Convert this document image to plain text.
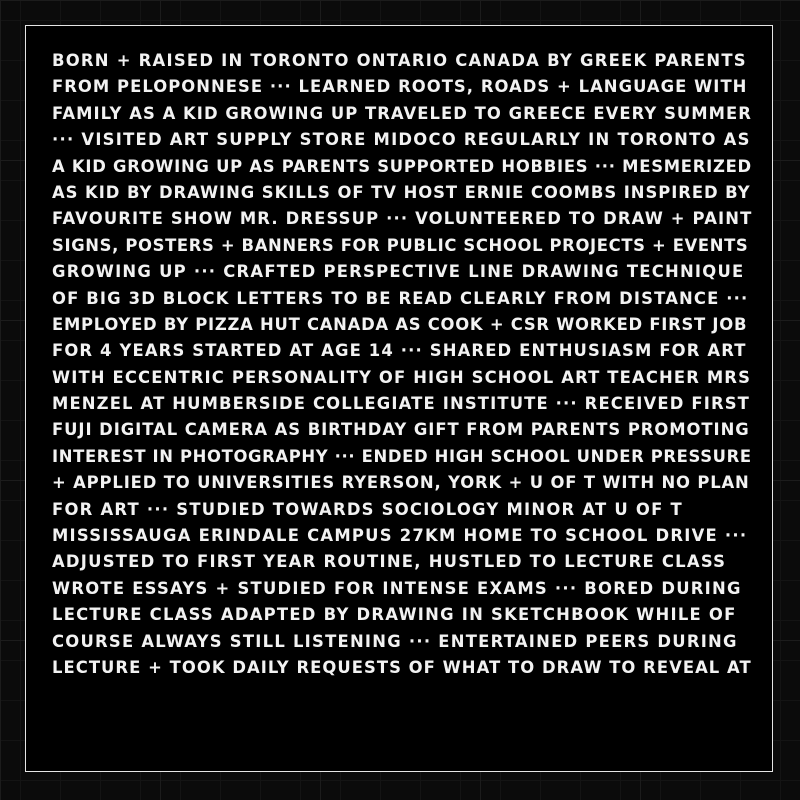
BORN + RAISED IN TORONTO ONTARIO CANADA BY GREEK PARENTS
FROM PELOPONNESE ··· LEARNED ROOTS, ROADS + LANGUAGE WITH
FAMILY AS A KID GROWING UP TRAVELED TO GREECE EVERY SUMMER
··· VISITED ART SUPPLY STORE MIDOCO REGULARLY IN TORONTO AS
A KID GROWING UP AS PARENTS SUPPORTED HOBBIES ··· MESMERIZED
AS KID BY DRAWING SKILLS OF TV HOST ERNIE COOMBS INSPIRED BY
FAVOURITE SHOW MR. DRESSUP ··· VOLUNTEERED TO DRAW + PAINT
SIGNS, POSTERS + BANNERS FOR PUBLIC SCHOOL PROJECTS + EVENTS
GROWING UP ··· CRAFTED PERSPECTIVE LINE DRAWING TECHNIQUE
OF BIG 3D BLOCK LETTERS TO BE READ CLEARLY FROM DISTANCE ···
EMPLOYED BY PIZZA HUT CANADA AS COOK + CSR WORKED FIRST JOB
FOR 4 YEARS STARTED AT AGE 14 ··· SHARED ENTHUSIASM FOR ART
WITH ECCENTRIC PERSONALITY OF HIGH SCHOOL ART TEACHER MRS
MENZEL AT HUMBERSIDE COLLEGIATE INSTITUTE ··· RECEIVED FIRST
FUJI DIGITAL CAMERA AS BIRTHDAY GIFT FROM PARENTS PROMOTING
INTEREST IN PHOTOGRAPHY ··· ENDED HIGH SCHOOL UNDER PRESSURE
+ APPLIED TO UNIVERSITIES RYERSON, YORK + U OF T WITH NO PLAN
FOR ART ··· STUDIED TOWARDS SOCIOLOGY MINOR AT U OF T
MISSISSAUGA ERINDALE CAMPUS 27KM HOME TO SCHOOL DRIVE ···
ADJUSTED TO FIRST YEAR ROUTINE, HUSTLED TO LECTURE CLASS
WROTE ESSAYS + STUDIED FOR INTENSE EXAMS ··· BORED DURING
LECTURE CLASS ADAPTED BY DRAWING IN SKETCHBOOK WHILE OF
COURSE ALWAYS STILL LISTENING ··· ENTERTAINED PEERS DURING
LECTURE + TOOK DAILY REQUESTS OF WHAT TO DRAW TO REVEAL AT
